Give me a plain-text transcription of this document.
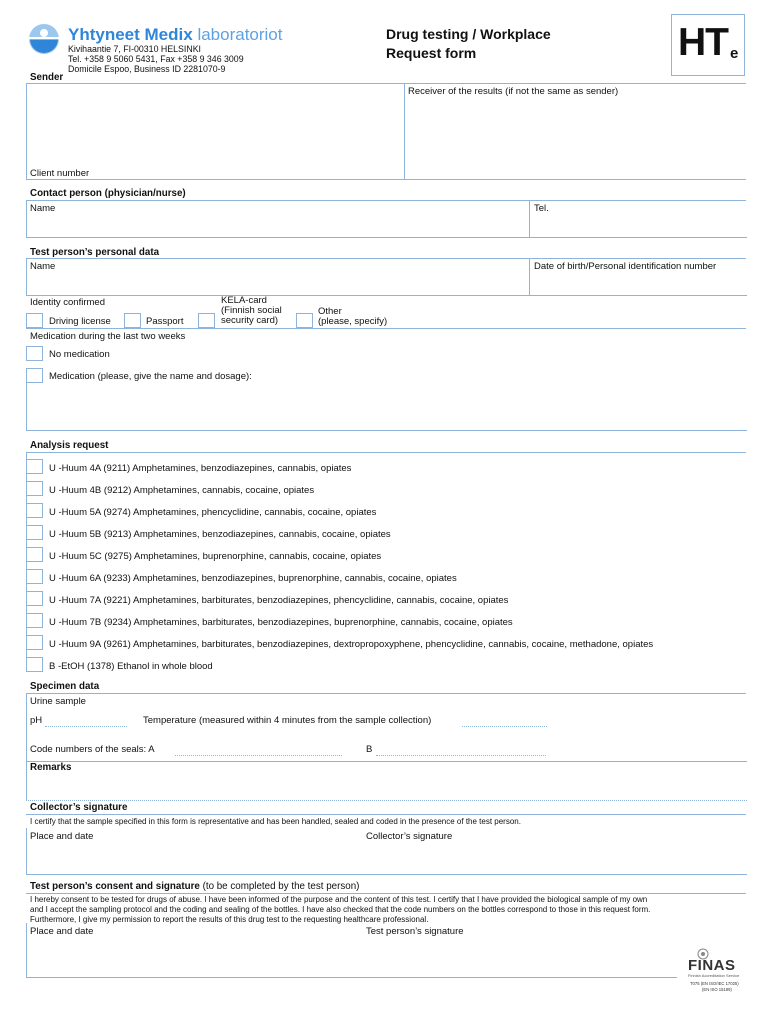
Yhtyneet Medix laboratoriot
Kivihaantie 7, FI-00310 HELSINKI
Tel. +358 9 5060 5431, Fax +358 9 346 3009
Domicile Espoo, Business ID 2281070-9
Drug testing / Workplace
Request form	HT e
Sender
Receiver of the results (if not the same as sender)
Client number
Contact person (physician/nurse)
Name	Tel.
Test person’s personal data
Name	Date of birth/Personal identification number
Identity confirmed
Driving license	Passport
KELA-card
(Finnish social
security card)
Other
(please, specify)
Medication during the last two weeks
No medication
Medication (please, give the name and dosage):
Analysis request
U -Huum 4A (9211) Amphetamines, benzodiazepines, cannabis, opiates
U -Huum 4B (9212) Amphetamines, cannabis, cocaine, opiates
U -Huum 5A (9274) Amphetamines, phencyclidine, cannabis, cocaine, opiates
U -Huum 5B (9213) Amphetamines, benzodiazepines, cannabis, cocaine, opiates
U -Huum 5C (9275) Amphetamines, buprenorphine, cannabis, cocaine, opiates
U -Huum 6A (9233) Amphetamines, benzodiazepines, buprenorphine, cannabis, cocaine, opiates
U -Huum 7A (9221) Amphetamines, barbiturates, benzodiazepines, phencyclidine, cannabis, cocaine, opiates
U -Huum 7B (9234) Amphetamines, barbiturates, benzodiazepines, buprenorphine, cannabis, cocaine, opiates
U -Huum 9A (9261) Amphetamines, barbiturates, benzodiazepines, dextropropoxyphene, phencyclidine, cannabis, cocaine, methadone, opiates
B -EtOH (1378) Ethanol in whole blood
Specimen data
Urine sample
pH	Temperature (measured within 4 minutes from the sample collection)
Code numbers of the seals: A	B
Remarks
Collector’s signature
I certify that the sample specified in this form is representative and has been handled, sealed and coded in the presence of the test person.
Place and date	Collector’s signature
Test person’s consent and signature (to be completed by the test person)
I hereby consent to be tested for drugs of abuse. I have been informed of the purpose and the content of this test. I certify that I have provided the biological sample of my own
and I accept the sampling protocol and the coding and sealing of the bottles. I have also checked that the code numbers on the bottles correspond to those in this request form.
Furthermore, I give my permission to report the results of this drug test to the requesting healthcare professional.
Place and date	Test person’s signature
FINAS
Finnish Accreditation Service
T075 (EN ISO/IEC 17025)
(EN ISO 15189)
